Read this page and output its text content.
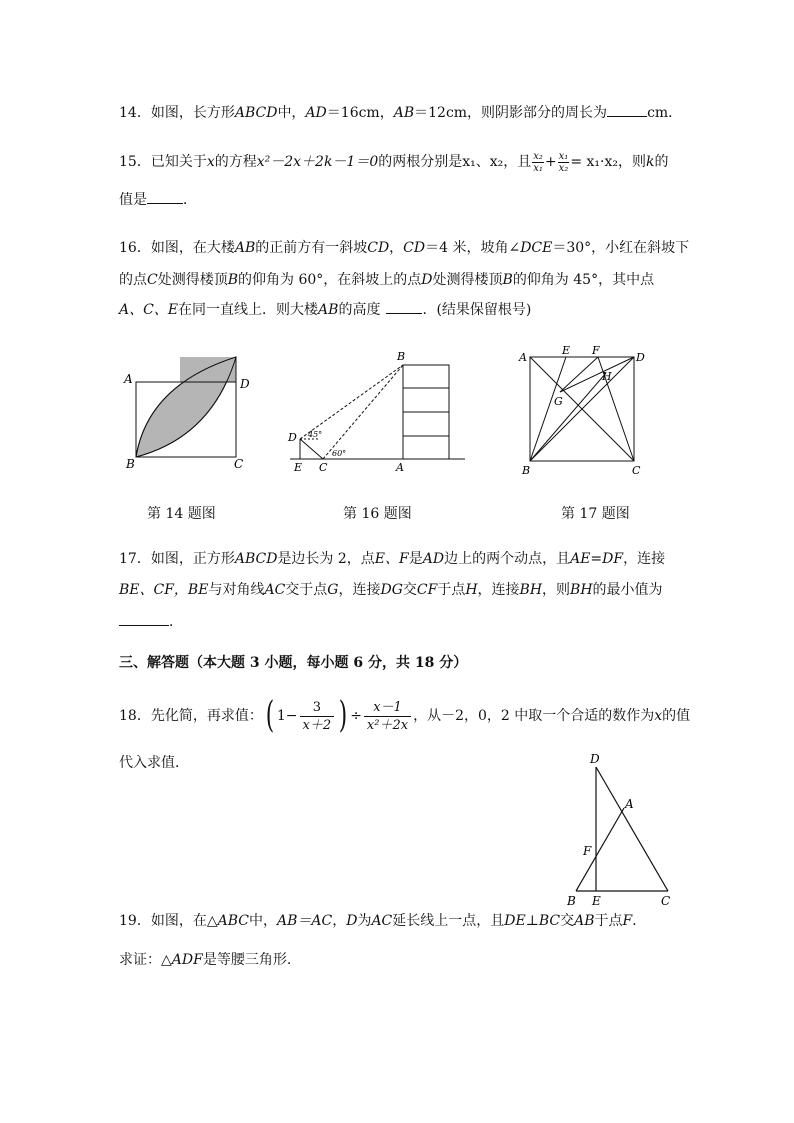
14．如图，长方形ABCD中，AD＝16cm，AB＝12cm，则阴影部分的周长为	cm．
15．已知关于x的方程x²－2x＋2k－1＝0的两根分别是x₁、x₂，且 $\frac{\text{x₂}}{\text{x₁}} + \frac{\text{x₁}}{\text{x₂}} = x_1\cdot x_2$，则k的
值是	．
16．如图，在大楼AB的正前方有一斜坡CD，CD＝4 米，坡角∠DCE＝30°，小红在斜坡下
的点C处测得楼顶B的仰角为 60°，在斜坡上的点D处测得楼顶B的仰角为 45°，其中点
A、C、E在同一直线上．则大楼AB的高度	．(结果保留根号)
A	D
B	C
45°
60°
B
D
E C	A
A
E F
D
H
G
B	C
第 14 题图	第 16 题图	第 17 题图
17．如图，正方形ABCD是边长为 2，点E、F是AD边上的两个动点，且AE=DF，连接
BE、CF，BE与对角线AC交于点G，连接DG交CF于点H，连接BH，则BH的最小值为
．
三、解答题（本大题 3 小题，每小题 6 分，共 18 分）
18．先化简，再求值：( $1- \frac{3}{x+2}$ ) ÷ $\frac{x-1}{\text{x²＋2x}}$ ，从－2，0，2 中取一个合适的数作为x的值
代入求值．	D
A
F
B E	C
19．如图，在△ABC中，AB＝AC，D为AC延长线上一点，且DE⊥BC交AB于点F．
求证：△ADF是等腰三角形.
